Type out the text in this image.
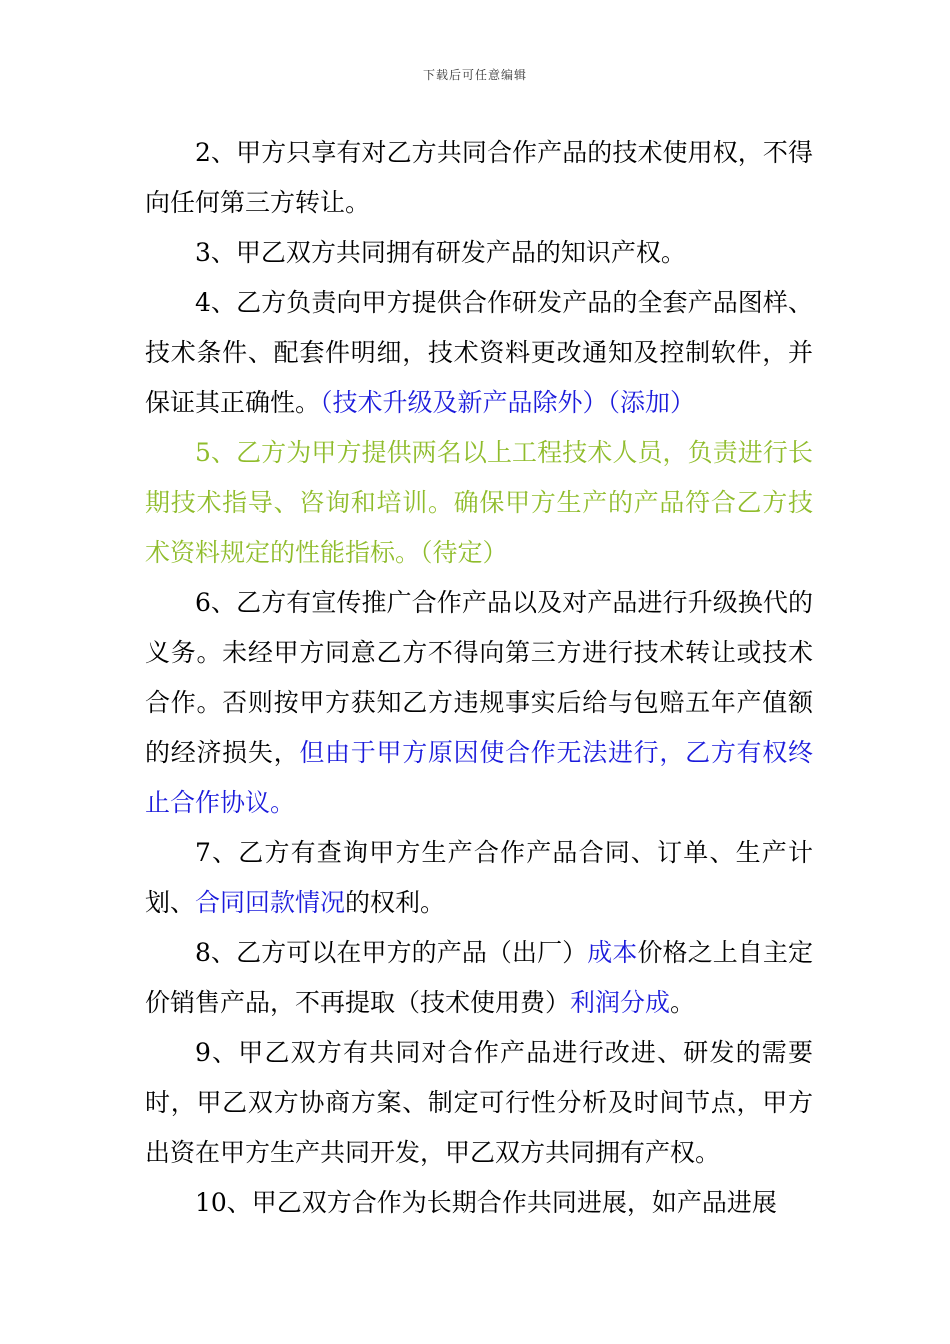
下载后可任意编辑

2、甲方只享有对乙方共同合作产品的技术使用权，不得向任何第三方转让。

3、甲乙双方共同拥有研发产品的知识产权。

4、乙方负责向甲方提供合作研发产品的全套产品图样、技术条件、配套件明细，技术资料更改通知及控制软件，并保证其正确性。（技术升级及新产品除外）（添加）

5、乙方为甲方提供两名以上工程技术人员，负责进行长期技术指导、咨询和培训。确保甲方生产的产品符合乙方技术资料规定的性能指标。（待定）

6、乙方有宣传推广合作产品以及对产品进行升级换代的义务。未经甲方同意乙方不得向第三方进行技术转让或技术合作。否则按甲方获知乙方违规事实后给与包赔五年产值额的经济损失，但由于甲方原因使合作无法进行，乙方有权终止合作协议。

7、乙方有查询甲方生产合作产品合同、订单、生产计划、合同回款情况的权利。

8、乙方可以在甲方的产品（出厂）成本价格之上自主定价销售产品，不再提取（技术使用费）利润分成。

9、甲乙双方有共同对合作产品进行改进、研发的需要时，甲乙双方协商方案、制定可行性分析及时间节点，甲方出资在甲方生产共同开发，甲乙双方共同拥有产权。

10、甲乙双方合作为长期合作共同进展，如产品进展
